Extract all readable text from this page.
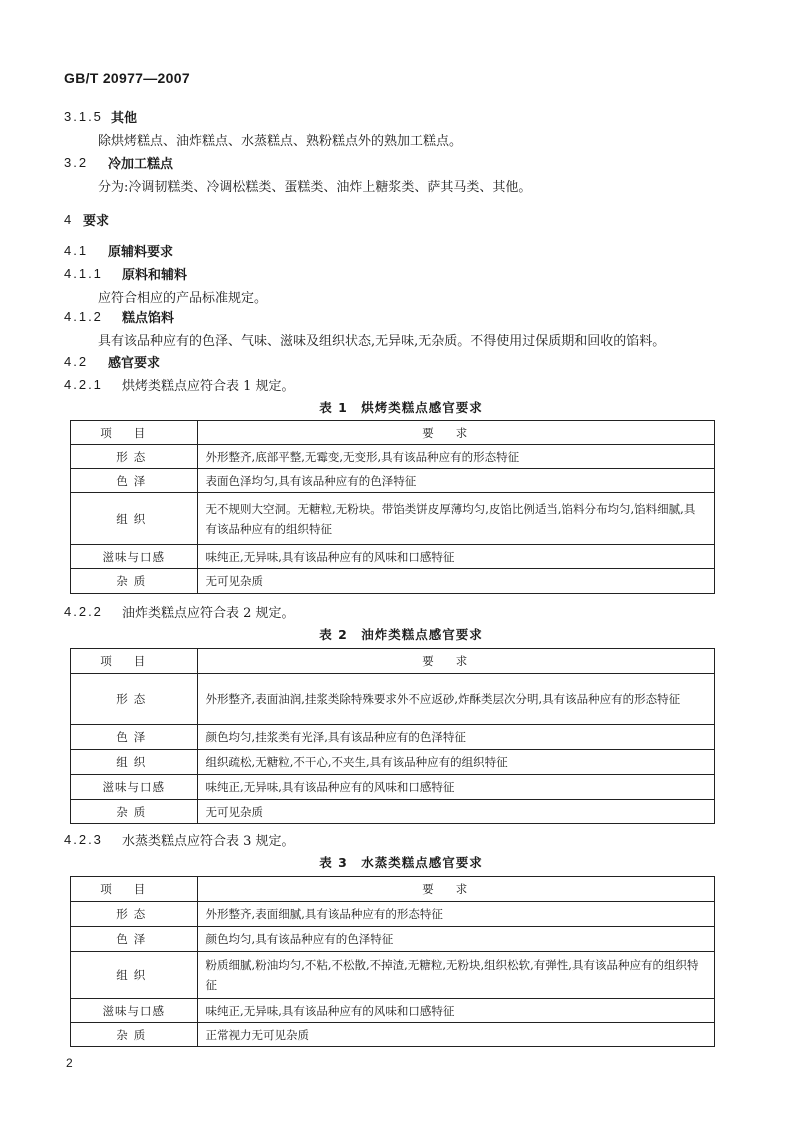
GB/T 20977—2007
3.1.5 其他
除烘烤糕点、油炸糕点、水蒸糕点、熟粉糕点外的熟加工糕点。
3.2 冷加工糕点
分为:冷调韧糕类、冷调松糕类、蛋糕类、油炸上糖浆类、萨其马类、其他。
4 要求
4.1 原辅料要求
4.1.1 原料和辅料
应符合相应的产品标准规定。
4.1.2 糕点馅料
具有该品种应有的色泽、气味、滋味及组织状态,无异味,无杂质。不得使用过保质期和回收的馅料。
4.2 感官要求
4.2.1 烘烤类糕点应符合表 1 规定。
表 1　烘烤类糕点感官要求
项目	要求
形态	外形整齐,底部平整,无霉变,无变形,具有该品种应有的形态特征
色泽	表面色泽均匀,具有该品种应有的色泽特征
组织	无不规则大空洞。无糖粒,无粉块。带馅类饼皮厚薄均匀,皮馅比例适当,馅料分布均匀,馅料细腻,具有该品种应有的组织特征
滋味与口感	味纯正,无异味,具有该品种应有的风味和口感特征
杂质	无可见杂质
4.2.2 油炸类糕点应符合表 2 规定。
表 2　油炸类糕点感官要求
项目	要求
形态	外形整齐,表面油润,挂浆类除特殊要求外不应返砂,炸酥类层次分明,具有该品种应有的形态特征
色泽	颜色均匀,挂浆类有光泽,具有该品种应有的色泽特征
组织	组织疏松,无糖粒,不干心,不夹生,具有该品种应有的组织特征
滋味与口感	味纯正,无异味,具有该品种应有的风味和口感特征
杂质	无可见杂质
4.2.3 水蒸类糕点应符合表 3 规定。
表 3　水蒸类糕点感官要求
项目	要求
形态	外形整齐,表面细腻,具有该品种应有的形态特征
色泽	颜色均匀,具有该品种应有的色泽特征
组织	粉质细腻,粉油均匀,不粘,不松散,不掉渣,无糖粒,无粉块,组织松软,有弹性,具有该品种应有的组织特征
滋味与口感	味纯正,无异味,具有该品种应有的风味和口感特征
杂质	正常视力无可见杂质
2
